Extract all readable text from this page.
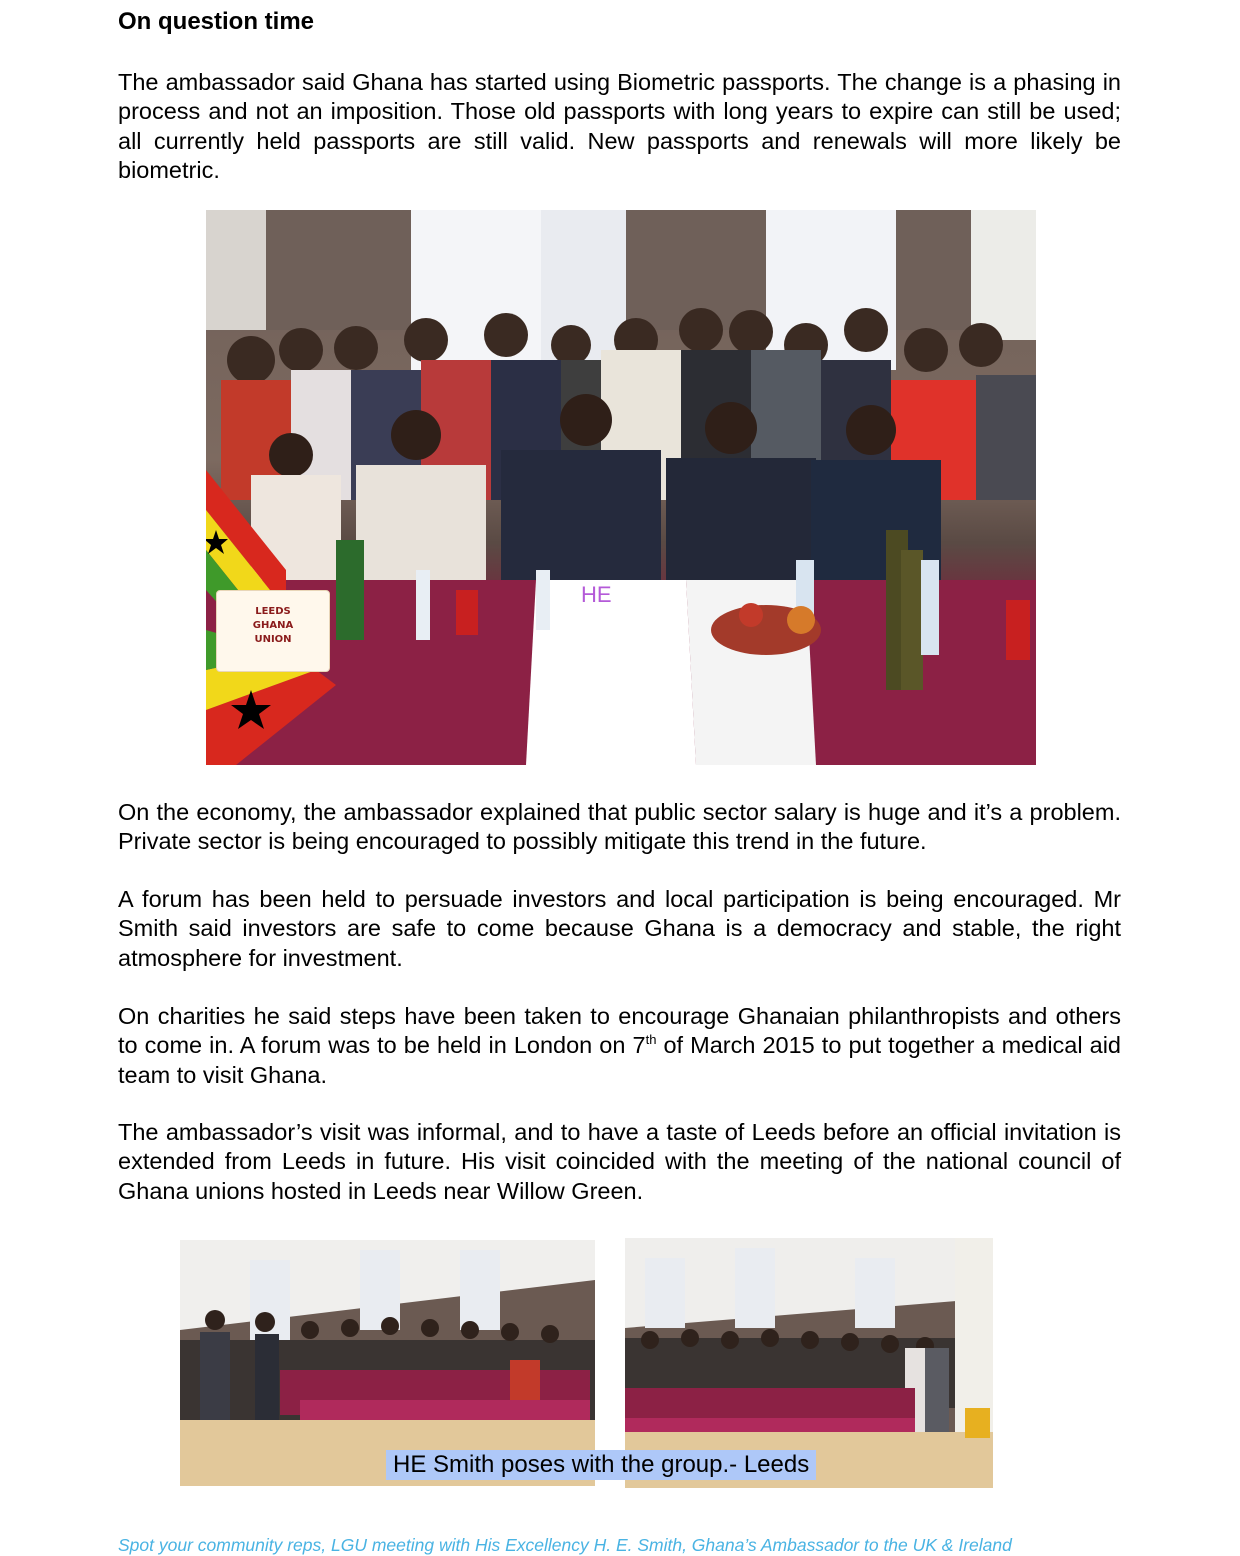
On question time

The ambassador said Ghana has started using Biometric passports. The change is a phasing in process and not an imposition. Those old passports with long years to expire can still be used; all currently held passports are still valid. New passports and renewals will more likely be biometric.

HE
LEEDS
GHANA
UNION

On the economy, the ambassador explained that public sector salary is huge and it’s a problem. Private sector is being encouraged to possibly mitigate this trend in the future.

A forum has been held to persuade investors and local participation is being encouraged. Mr Smith said investors are safe to come because Ghana is a democracy and stable, the right atmosphere for investment.

On charities he said steps have been taken to encourage Ghanaian philanthropists and others to come in. A forum was to be held in London on 7th of March 2015 to put together a medical aid team to visit Ghana.

The ambassador’s visit was informal, and to have a taste of Leeds before an official invitation is extended from Leeds in future. His visit coincided with the meeting of the national council of Ghana unions hosted in Leeds near Willow Green.

HE Smith poses with the group.- Leeds
Spot your community reps, LGU meeting with His Excellency H. E. Smith, Ghana’s Ambassador to the UK & Ireland
